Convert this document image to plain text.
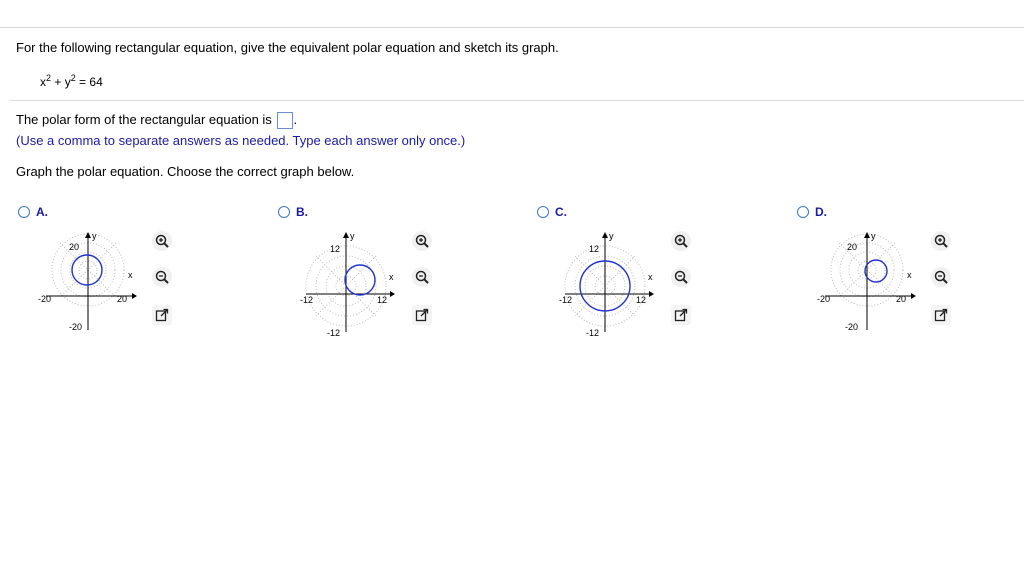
For the following rectangular equation, give the equivalent polar equation and sketch its graph.
$x^2 + y^2 = 64$
The polar form of the rectangular equation is .
(Use a comma to separate answers as needed. Type each answer only once.)
Graph the polar equation. Choose the correct graph below.
A.
y
x
20
-20
-20	20
B.
y
x
12
-12
-12	12
C.
y
x
12
-12
-12	12
D.
y
x
20
-20
-20	20
